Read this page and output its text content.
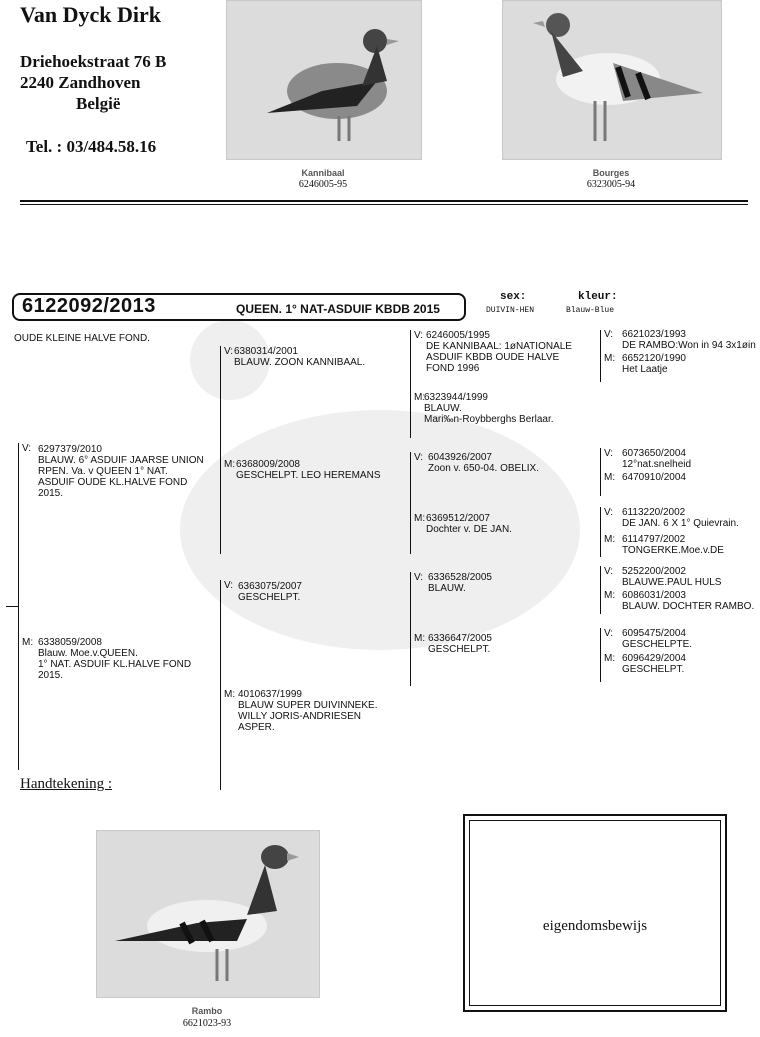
Van Dyck Dirk
Driehoekstraat 76 B
2240 Zandhoven
België
Tel. : 03/484.58.16
Kannibaal
6246005-95
Bourges
6323005-94
6122092/2013	QUEEN. 1° NAT-ASDUIF KBDB 2015
sex:
DUIVIN-HEN
kleur:
Blauw-Blue
OUDE KLEINE HALVE FOND.
V: 6297379/2010
BLAUW. 6° ASDUIF JAARSE UNION
RPEN. Va. v QUEEN 1° NAT.
ASDUIF OUDE KL.HALVE FOND
2015.
M: 6338059/2008
Blauw. Moe.v.QUEEN.
1° NAT. ASDUIF KL.HALVE FOND
2015.
V: 6380314/2001
BLAUW. ZOON KANNIBAAL.
M: 6368009/2008
GESCHELPT. LEO HEREMANS
V: 6363075/2007
GESCHELPT.
M: 4010637/1999
BLAUW SUPER DUIVINNEKE.
WILLY JORIS-ANDRIESEN
ASPER.
V: 6246005/1995
DE KANNIBAAL: 1øNATIONALE
ASDUIF KBDB OUDE HALVE
FOND 1996
M:
6323944/1999
BLAUW.
Mari‰n-Roybberghs Berlaar.
V: 6043926/2007
Zoon v. 650-04. OBELIX.
M: 6369512/2007
Dochter v. DE JAN.
V: 6336528/2005
BLAUW.
M: 6336647/2005
GESCHELPT.
V: 6621023/1993
DE RAMBO:Won in 94 3x1øin
M: 6652120/1990
Het Laatje
V: 6073650/2004
12°nat.snelheid
M: 6470910/2004
V: 6113220/2002
DE JAN. 6 X 1° Quievrain.
M: 6114797/2002
TONGERKE.Moe.v.DE
V: 5252200/2002
BLAUWE.PAUL HULS
M: 6086031/2003
BLAUW. DOCHTER RAMBO.
V: 6095475/2004
GESCHELPTE.
M: 6096429/2004
GESCHELPT.
Handtekening :
Rambo
6621023-93
eigendomsbewijs
